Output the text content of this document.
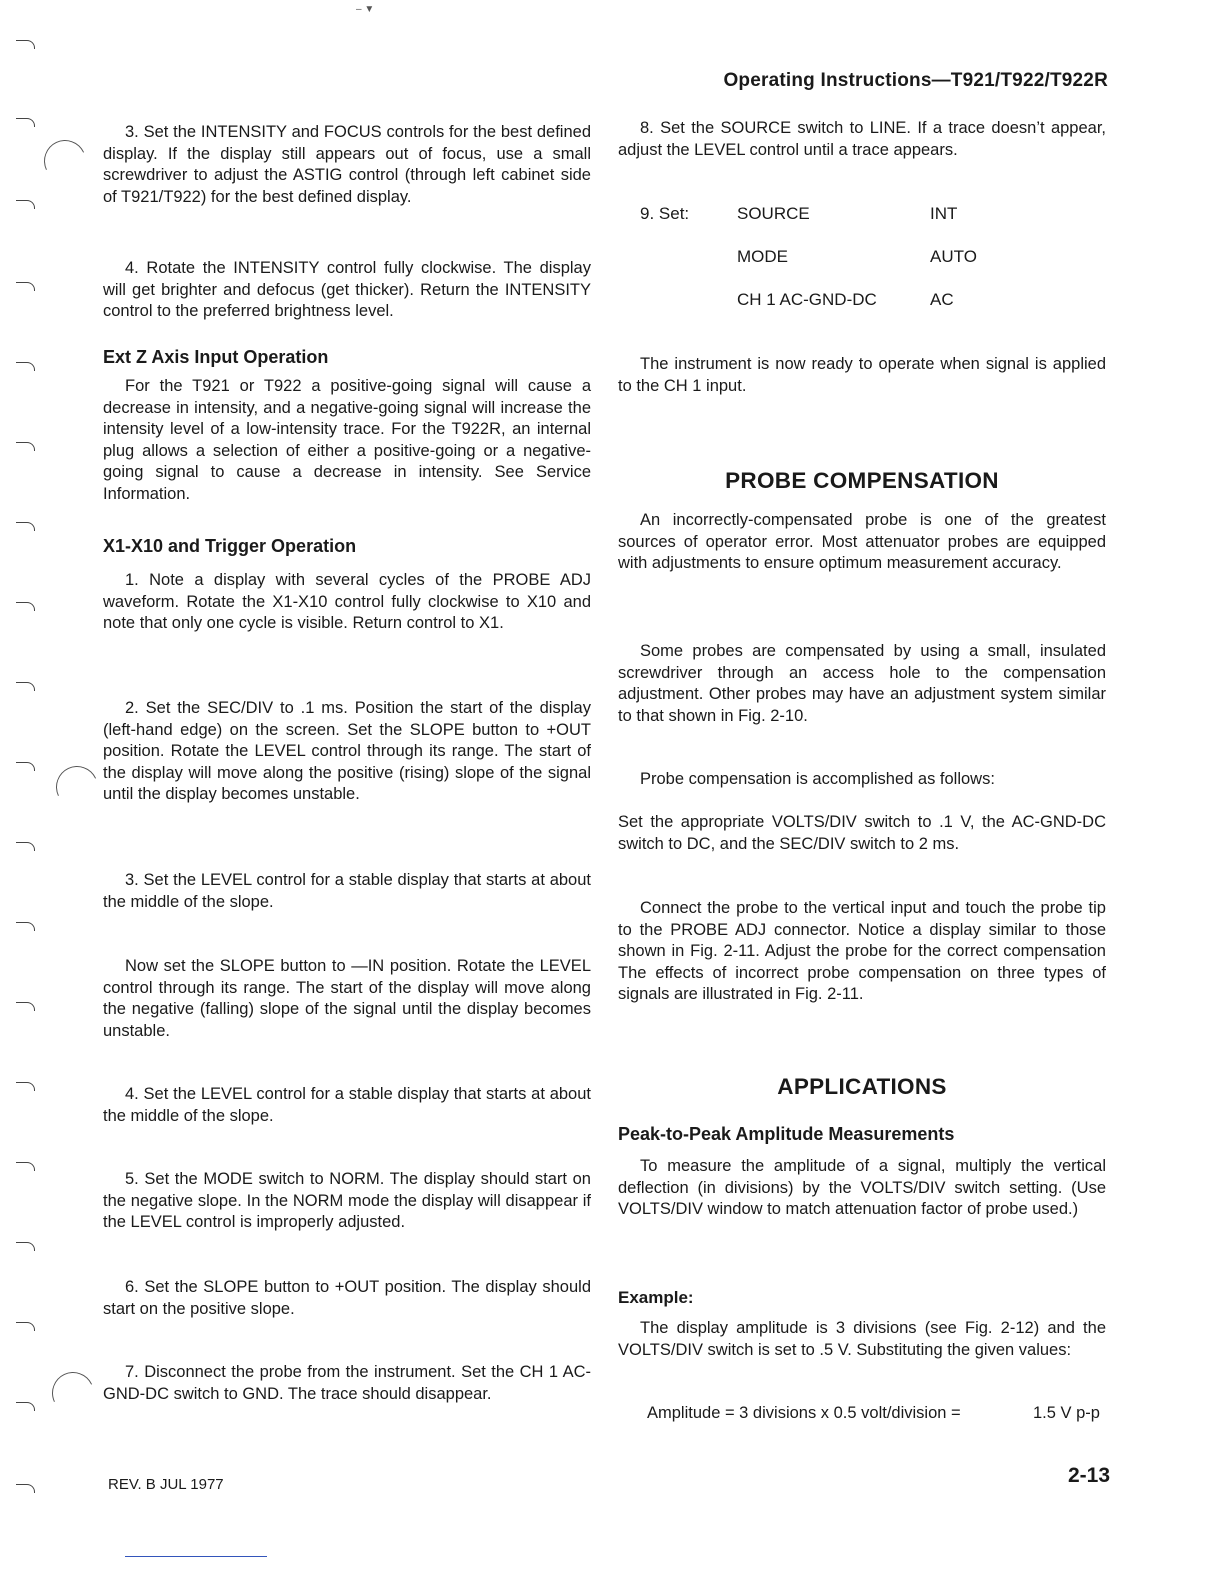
– ▼
Operating Instructions—T921/T922/T922R

3. Set the INTENSITY and FOCUS controls for the best defined display. If the display still appears out of focus, use a small screwdriver to adjust the ASTIG control (through left cabinet side of T921/T922) for the best defined display.

4. Rotate the INTENSITY control fully clockwise. The display will get brighter and defocus (get thicker). Return the INTENSITY control to the preferred brightness level.

Ext Z Axis Input Operation

For the T921 or T922 a positive-going signal will cause a decrease in intensity, and a negative-going signal will increase the intensity level of a low-intensity trace. For the T922R, an internal plug allows a selection of either a positive-going or a negative-going signal to cause a decrease in intensity. See Service Information.

X1-X10 and Trigger Operation

1. Note a display with several cycles of the PROBE ADJ waveform. Rotate the X1-X10 control fully clockwise to X10 and note that only one cycle is visible. Return control to X1.

2. Set the SEC/DIV to .1 ms. Position the start of the display (left-hand edge) on the screen. Set the SLOPE button to +OUT position. Rotate the LEVEL control through its range. The start of the display will move along the positive (rising) slope of the signal until the display becomes unstable.

3. Set the LEVEL control for a stable display that starts at about the middle of the slope.

Now set the SLOPE button to —IN position. Rotate the LEVEL control through its range. The start of the display will move along the negative (falling) slope of the signal until the display becomes unstable.

4. Set the LEVEL control for a stable display that starts at about the middle of the slope.

5. Set the MODE switch to NORM. The display should start on the negative slope. In the NORM mode the display will disappear if the LEVEL control is improperly adjusted.

6. Set the SLOPE button to +OUT position. The display should start on the positive slope.

7. Disconnect the probe from the instrument. Set the CH 1 AC-GND-DC switch to GND. The trace should disappear.

8. Set the SOURCE switch to LINE. If a trace doesn’t appear, adjust the LEVEL control until a trace appears.

9. Set:	SOURCE	INT
MODE	AUTO
CH 1 AC-GND-DC	AC

The instrument is now ready to operate when signal is applied to the CH 1 input.

PROBE COMPENSATION

An incorrectly-compensated probe is one of the greatest sources of operator error. Most attenuator probes are equipped with adjustments to ensure optimum measurement accuracy.

Some probes are compensated by using a small, insulated screwdriver through an access hole to the compensation adjustment. Other probes may have an adjustment system similar to that shown in Fig. 2-10.

Probe compensation is accomplished as follows:

Set the appropriate VOLTS/DIV switch to .1 V, the AC-GND-DC switch to DC, and the SEC/DIV switch to 2 ms.

Connect the probe to the vertical input and touch the probe tip to the PROBE ADJ connector. Notice a display similar to those shown in Fig. 2-11. Adjust the probe for the correct compensation The effects of incorrect probe compensation on three types of signals are illustrated in Fig. 2-11.

APPLICATIONS
Peak-to-Peak Amplitude Measurements

To measure the amplitude of a signal, multiply the vertical deflection (in divisions) by the VOLTS/DIV switch setting. (Use VOLTS/DIV window to match attenuation factor of probe used.)

Example:

The display amplitude is 3 divisions (see Fig. 2-12) and the VOLTS/DIV switch is set to .5 V. Substituting the given values:

Amplitude = 3 divisions x 0.5 volt/division =	1.5 V p-p
REV. B JUL 1977	2-13
